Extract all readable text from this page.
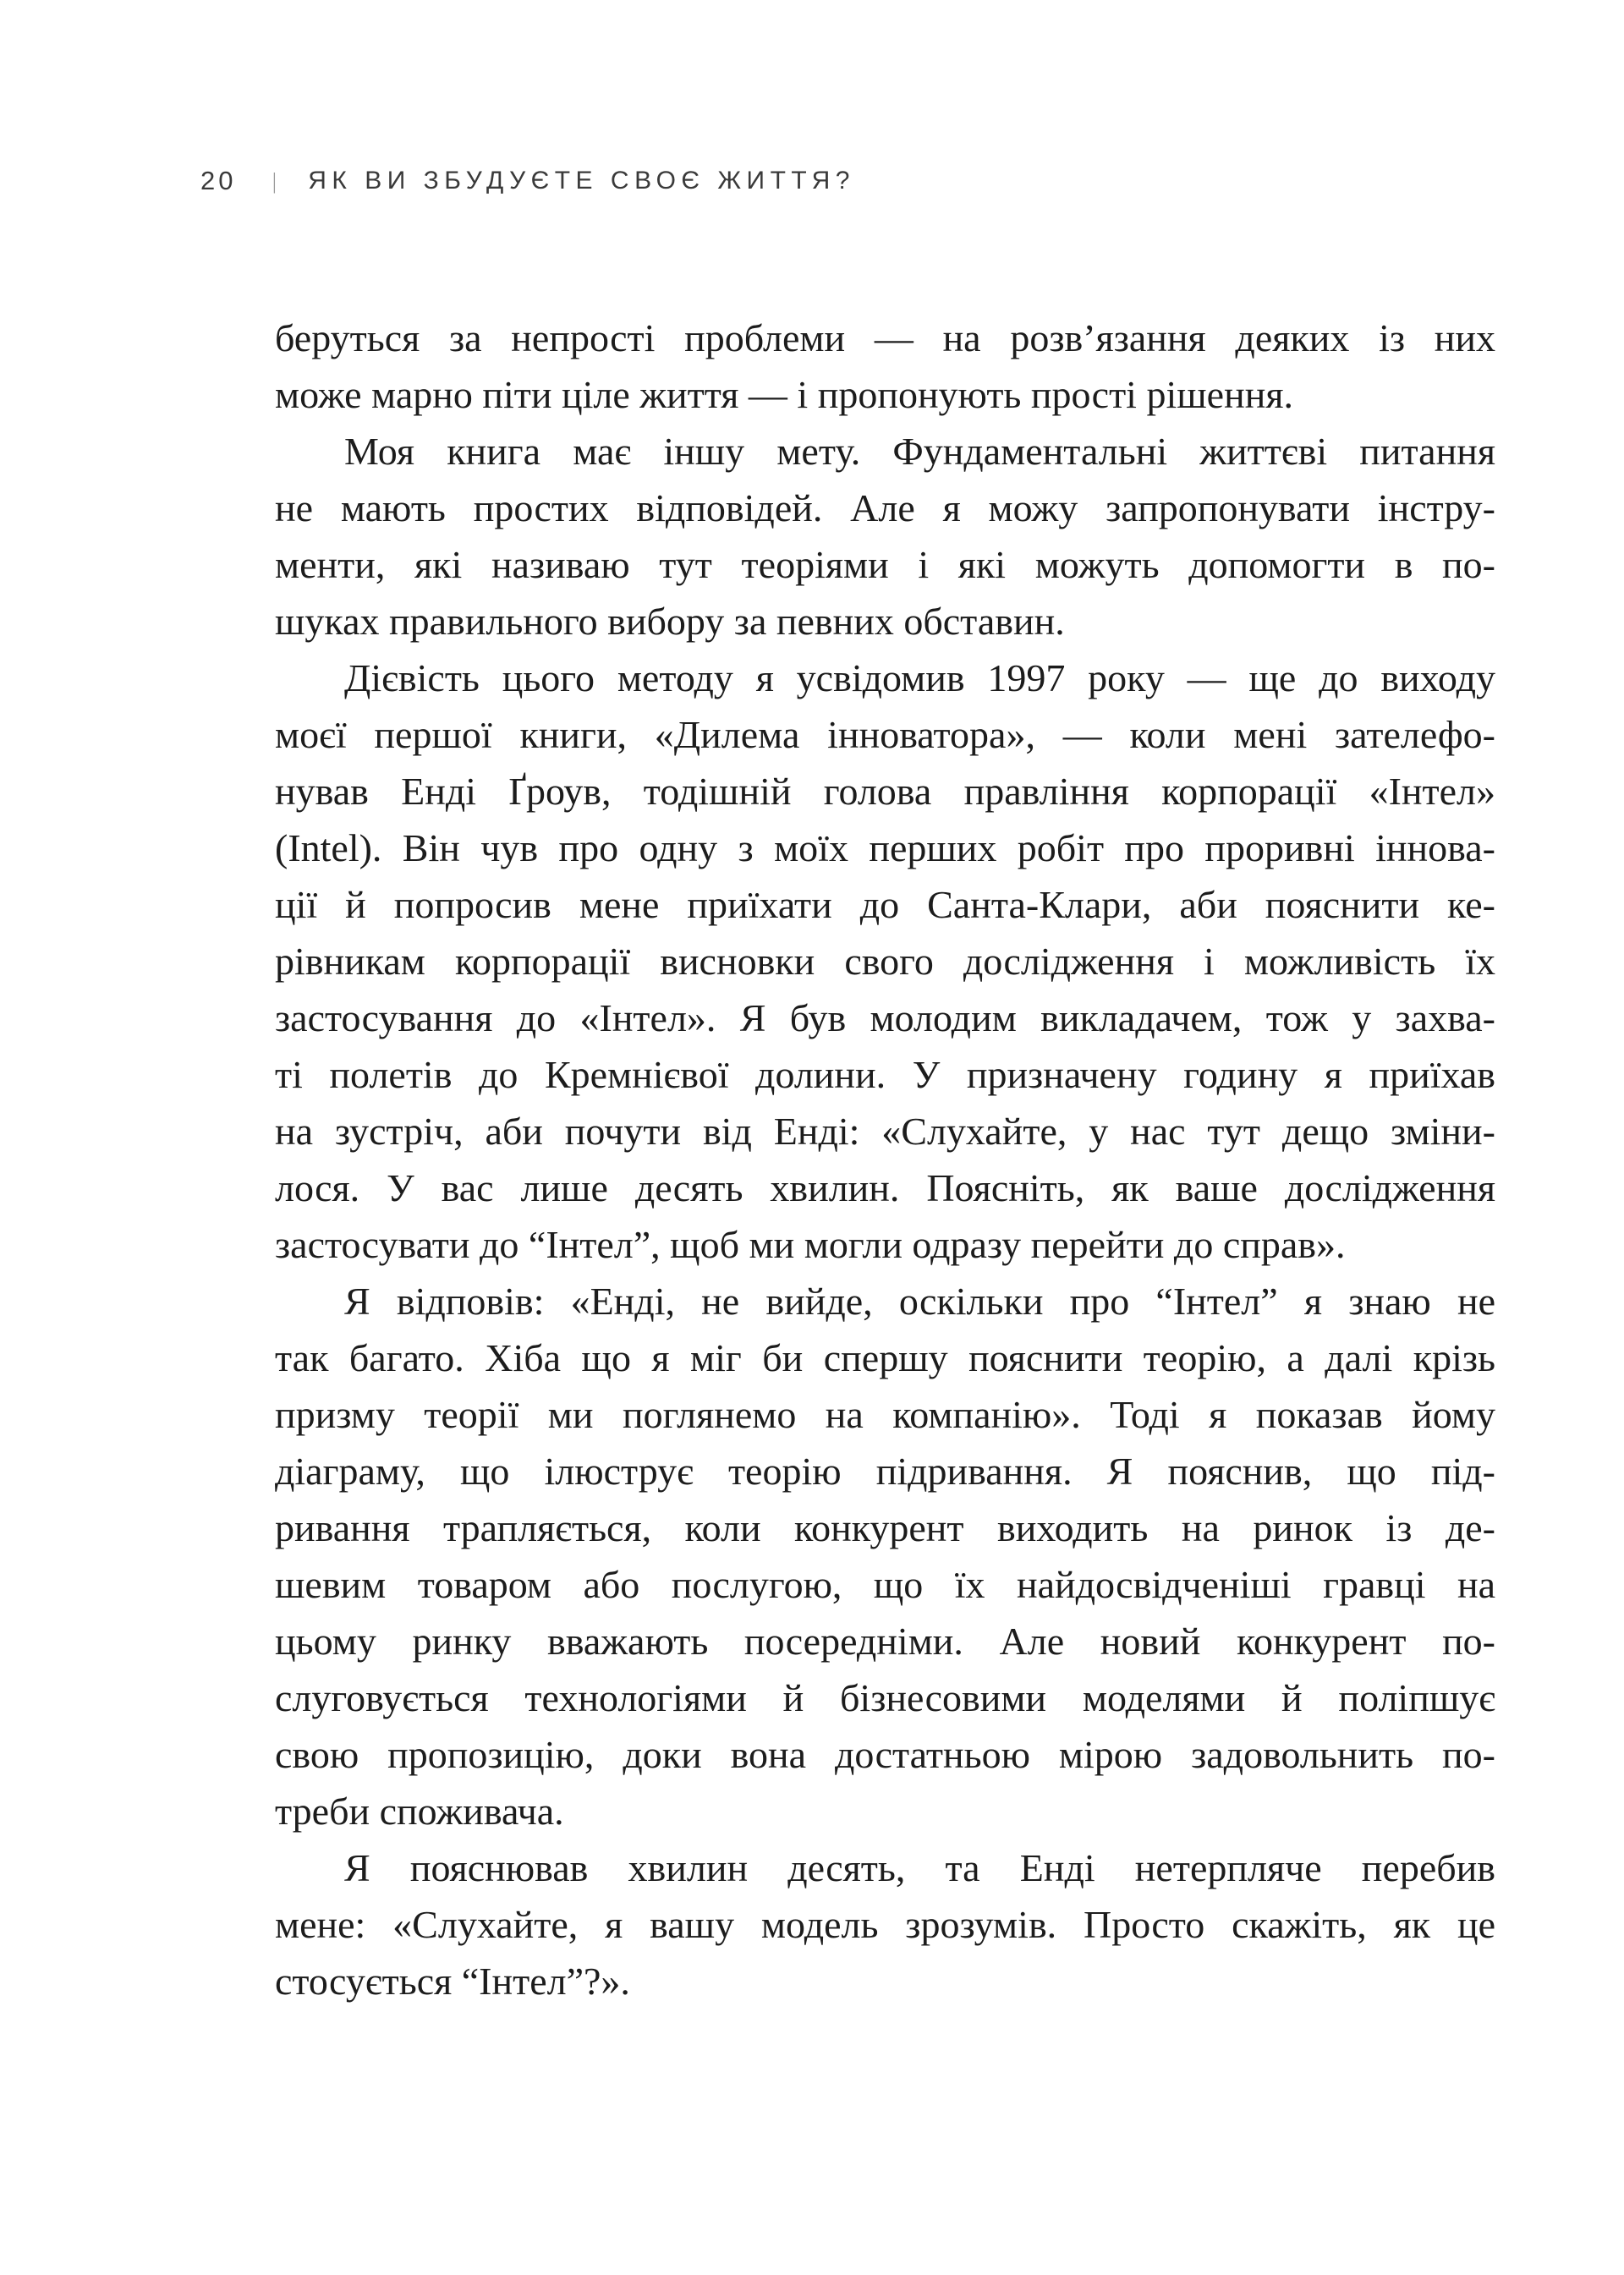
20 | ЯК ВИ ЗБУДУЄТЕ СВОЄ ЖИТТЯ?
беруться за непрості проблеми — на розв’язання деяких із них
може марно піти ціле життя — і пропонують прості рішення.
Моя книга має іншу мету. Фундаментальні життєві питання
не мають простих відповідей. Але я можу запропонувати інстру-
менти, які називаю тут теоріями і які можуть допомогти в по-
шуках правильного вибору за певних обставин.
Дієвість цього методу я усвідомив 1997 року — ще до виходу
моєї першої книги, «Дилема інноватора», — коли мені зателефо-
нував Енді Ґроув, тодішній голова правління корпорації «Інтел»
(Intel). Він чув про одну з моїх перших робіт про проривні іннова-
ції й попросив мене приїхати до Санта-Клари, аби пояснити ке-
рівникам корпорації висновки свого дослідження і можливість їх
застосування до «Інтел». Я був молодим викладачем, тож у захва-
ті полетів до Кремнієвої долини. У призначену годину я приїхав
на зустріч, аби почути від Енді: «Слухайте, у нас тут дещо зміни-
лося. У вас лише десять хвилин. Поясніть, як ваше дослідження
застосувати до “Інтел”, щоб ми могли одразу перейти до справ».
Я відповів: «Енді, не вийде, оскільки про “Інтел” я знаю не
так багато. Хіба що я міг би спершу пояснити теорію, а далі крізь
призму теорії ми поглянемо на компанію». Тоді я показав йому
діаграму, що ілюструє теорію підривання. Я пояснив, що під-
ривання трапляється, коли конкурент виходить на ринок із де-
шевим товаром або послугою, що їх найдосвідченіші гравці на
цьому ринку вважають посередніми. Але новий конкурент по-
слуговується технологіями й бізнесовими моделями й поліпшує
свою пропозицію, доки вона достатньою мірою задовольнить по-
треби споживача.
Я пояснював хвилин десять, та Енді нетерпляче перебив
мене: «Слухайте, я вашу модель зрозумів. Просто скажіть, як це
стосується “Інтел”?».
